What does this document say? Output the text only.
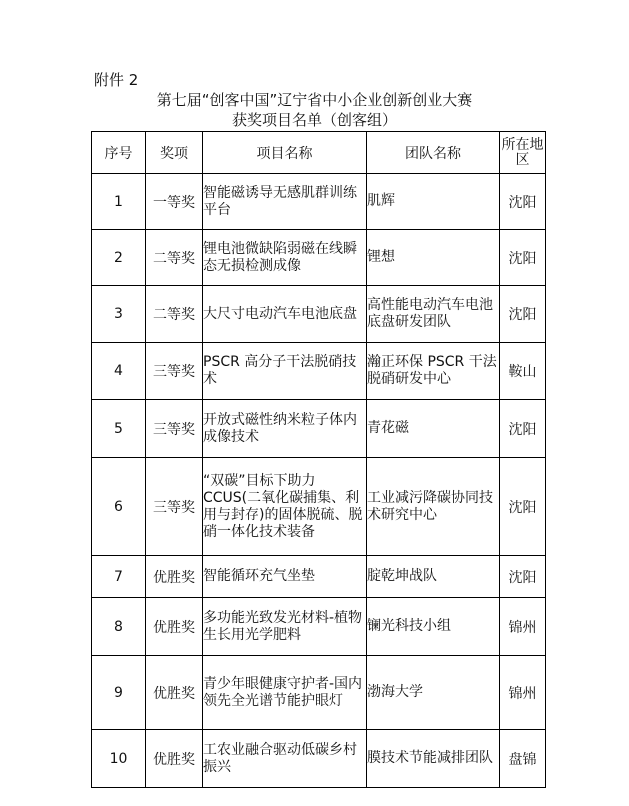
附件 2
第七届“创客中国”辽宁省中小企业创新创业大赛
获奖项目名单（创客组）
序号	奖项	项目名称	团队名称	所在地区
1	一等奖	智能磁诱导无感肌群训练平台	肌辉	沈阳
2	二等奖	锂电池微缺陷弱磁在线瞬态无损检测成像	锂想	沈阳
3	二等奖	大尺寸电动汽车电池底盘	高性能电动汽车电池底盘研发团队	沈阳
4	三等奖	PSCR 高分子干法脱硝技术	瀚正环保 PSCR 干法脱硝研发中心	鞍山
5	三等奖	开放式磁性纳米粒子体内成像技术	青花磁	沈阳
6	三等奖	“双碳”目标下助力CCUS(二氧化碳捕集、利用与封存)的固体脱硫、脱硝一体化技术装备	工业减污降碳协同技术研究中心	沈阳
7	优胜奖	智能循环充气坐垫	腚乾坤战队	沈阳
8	优胜奖	多功能光致发光材料-植物生长用光学肥料	镧光科技小组	锦州
9	优胜奖	青少年眼健康守护者-国内领先全光谱节能护眼灯	渤海大学	锦州
10	优胜奖	工农业融合驱动低碳乡村振兴	膜技术节能减排团队	盘锦
